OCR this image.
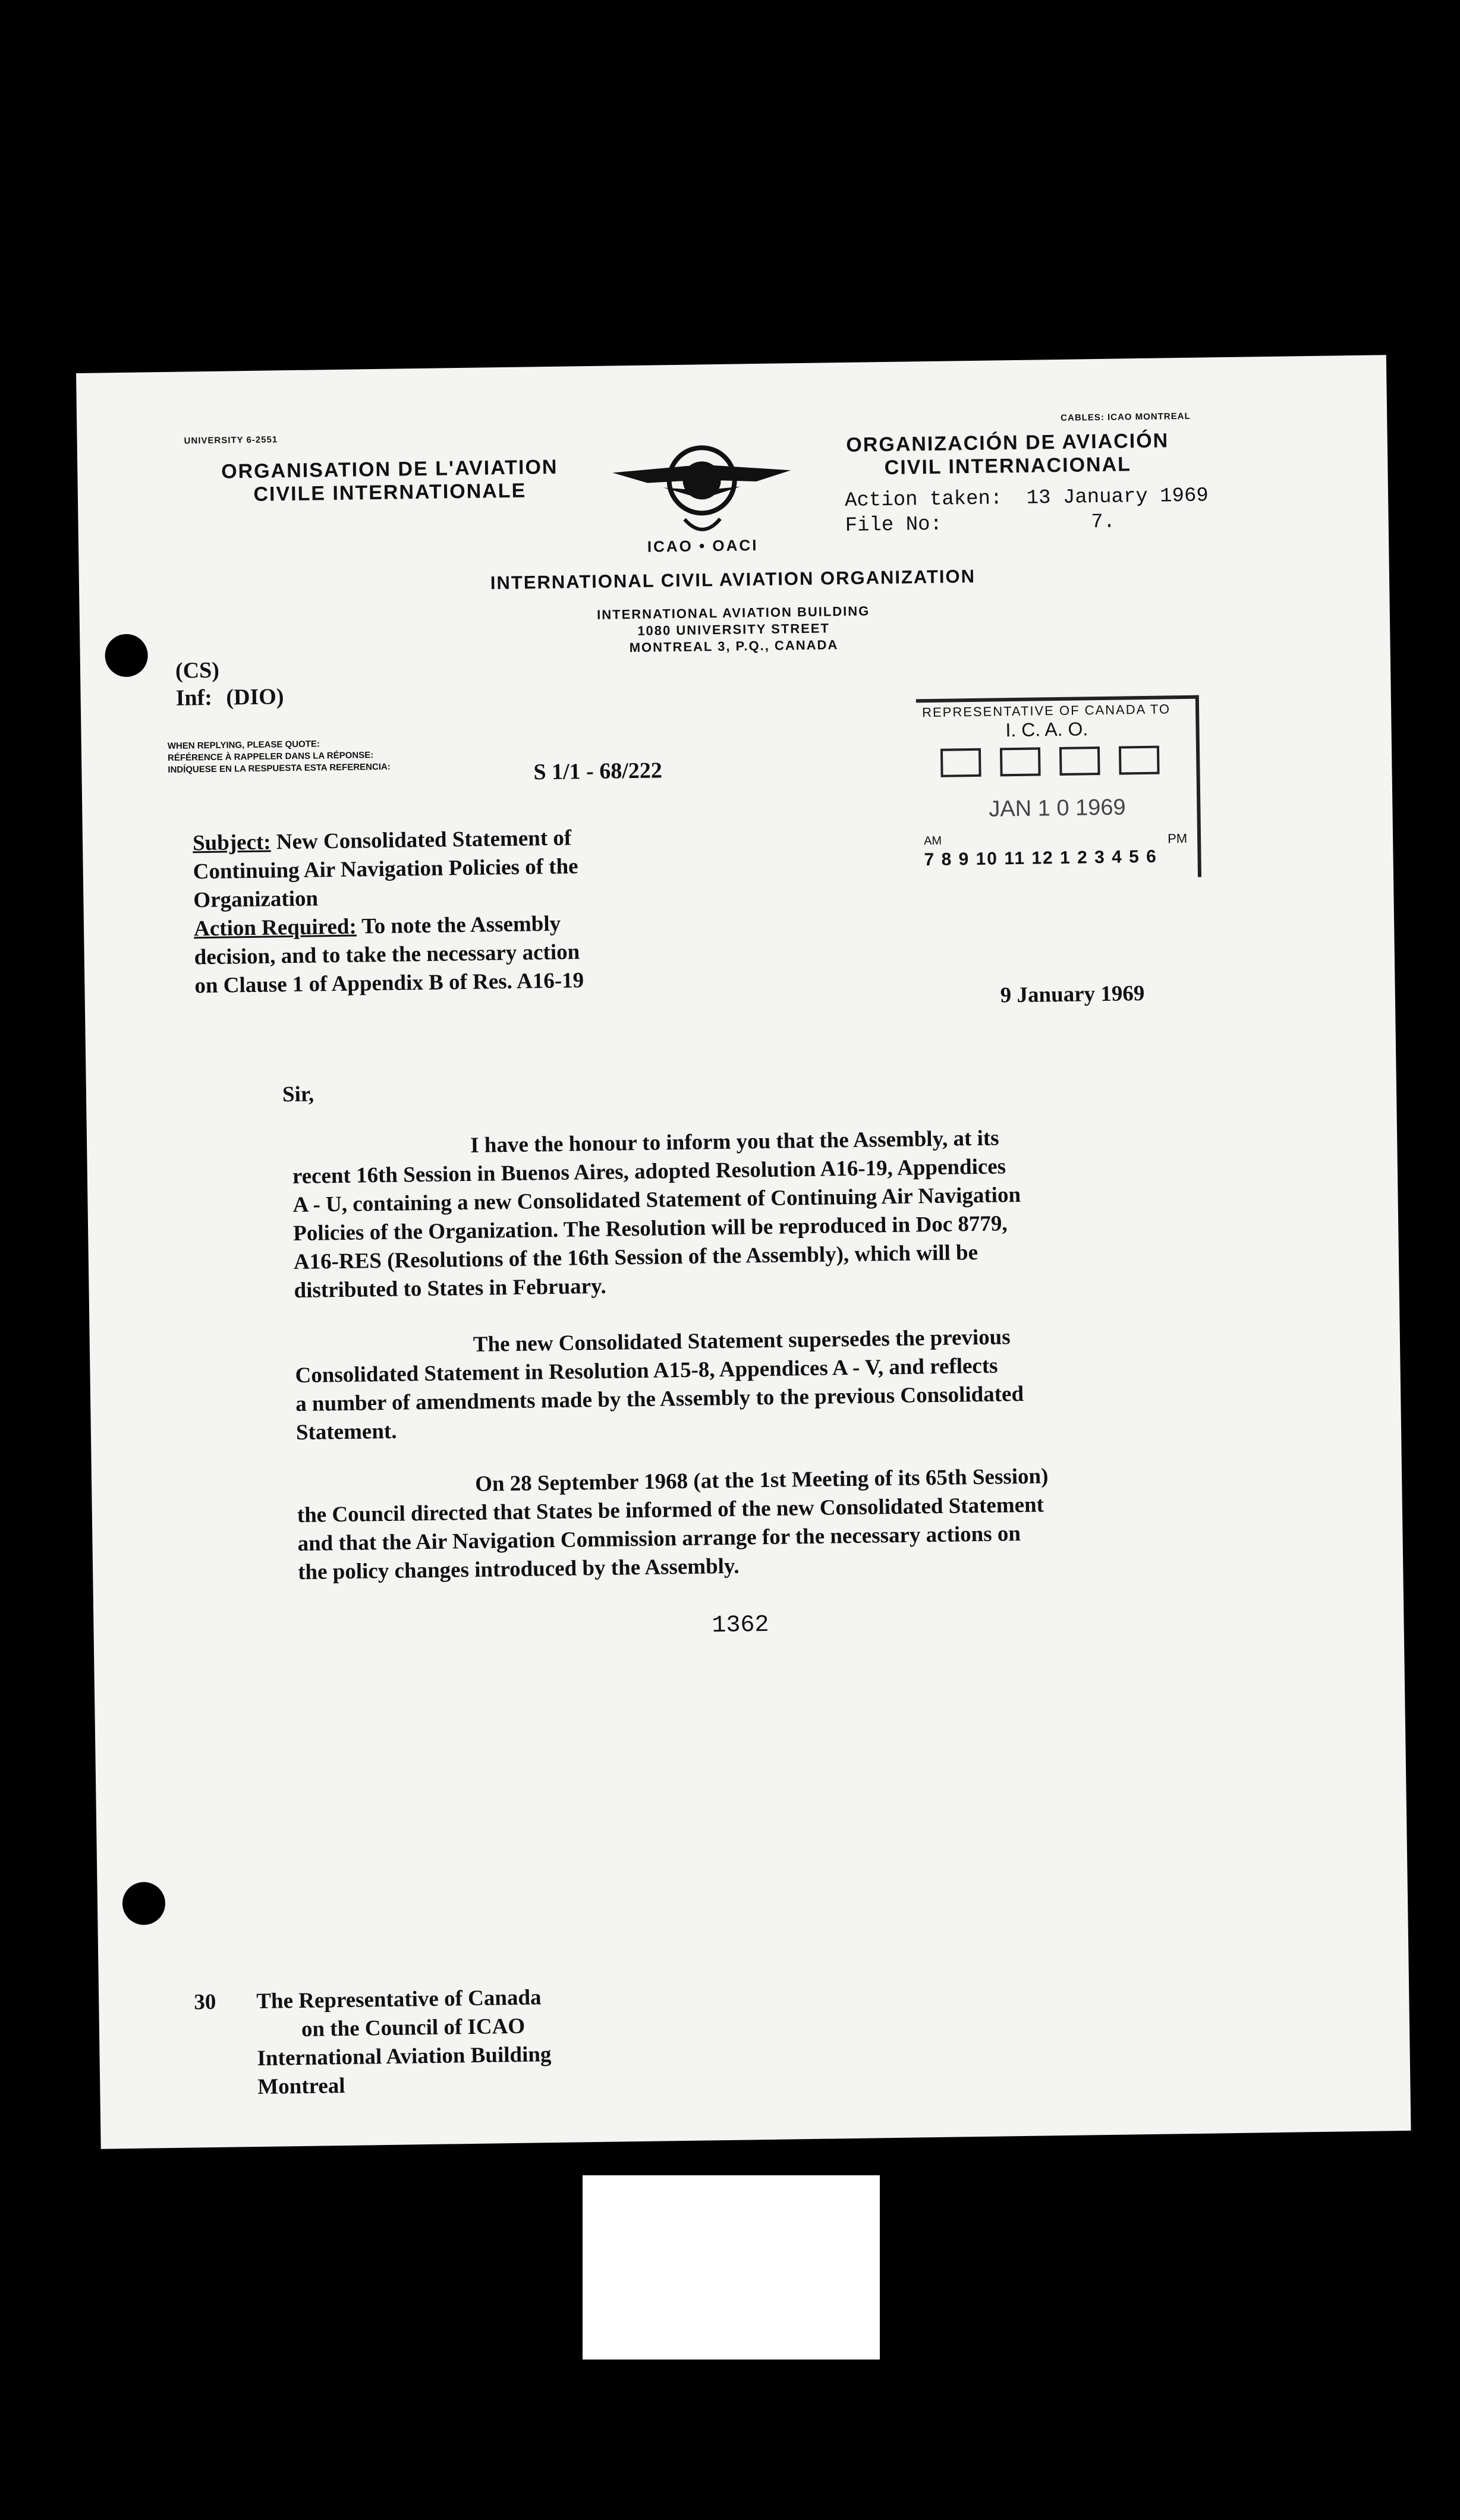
UNIVERSITY 6-2551
CABLES: ICAO MONTREAL
ORGANISATION DE L'AVIATION
CIVILE INTERNATIONALE
ICAO • OACI
ORGANIZACIÓN DE AVIACIÓN
CIVIL INTERNACIONAL
Action taken: 13 January 1969
File No:	7.
INTERNATIONAL CIVIL AVIATION ORGANIZATION
INTERNATIONAL AVIATION BUILDING
1080 UNIVERSITY STREET
MONTREAL 3, P.Q., CANADA
(CS)
Inf: (DIO)
WHEN REPLYING, PLEASE QUOTE:
RÉFÉRENCE À RAPPELER DANS LA RÉPONSE:
INDÍQUESE EN LA RESPUESTA ESTA REFERENCIA:	S 1/1 - 68/222
REPRESENTATIVE OF CANADA TO
I. C. A. O.
JAN 1 0 1969
AM	PM
7 8 9 10 11 12 1 2 3 4 5 6
Subject: New Consolidated Statement of
Continuing Air Navigation Policies of the
Organization
Action Required: To note the Assembly
decision, and to take the necessary action
on Clause 1 of Appendix B of Res. A16-19	9 January 1969
Sir,
I have the honour to inform you that the Assembly, at its
recent 16th Session in Buenos Aires, adopted Resolution A16-19, Appendices
A - U, containing a new Consolidated Statement of Continuing Air Navigation
Policies of the Organization. The Resolution will be reproduced in Doc 8779,
A16-RES (Resolutions of the 16th Session of the Assembly), which will be
distributed to States in February.
The new Consolidated Statement supersedes the previous
Consolidated Statement in Resolution A15-8, Appendices A - V, and reflects
a number of amendments made by the Assembly to the previous Consolidated
Statement.
On 28 September 1968 (at the 1st Meeting of its 65th Session)
the Council directed that States be informed of the new Consolidated Statement
and that the Air Navigation Commission arrange for the necessary actions on
the policy changes introduced by the Assembly.
1362
30 The Representative of Canada
on the Council of ICAO
International Aviation Building
Montreal
